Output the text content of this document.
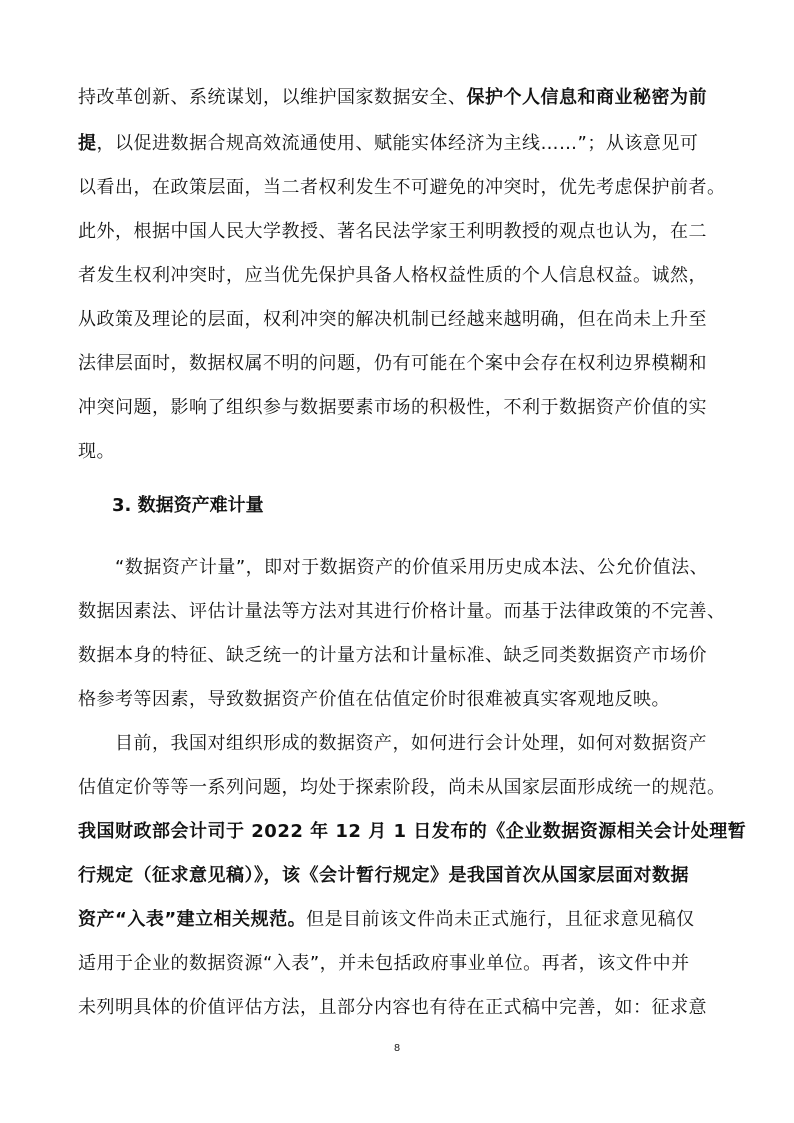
持改革创新、系统谋划，以维护国家数据安全、保护个人信息和商业秘密为前
提，以促进数据合规高效流通使用、赋能实体经济为主线……”；从该意见可
以看出，在政策层面，当二者权利发生不可避免的冲突时，优先考虑保护前者。
此外，根据中国人民大学教授、著名民法学家王利明教授的观点也认为，在二
者发生权利冲突时，应当优先保护具备人格权益性质的个人信息权益。诚然，
从政策及理论的层面，权利冲突的解决机制已经越来越明确，但在尚未上升至
法律层面时，数据权属不明的问题，仍有可能在个案中会存在权利边界模糊和
冲突问题，影响了组织参与数据要素市场的积极性，不利于数据资产价值的实
现。
3. 数据资产难计量
　　“数据资产计量”，即对于数据资产的价值采用历史成本法、公允价值法、
数据因素法、评估计量法等方法对其进行价格计量。而基于法律政策的不完善、
数据本身的特征、缺乏统一的计量方法和计量标准、缺乏同类数据资产市场价
格参考等因素，导致数据资产价值在估值定价时很难被真实客观地反映。
　　目前，我国对组织形成的数据资产，如何进行会计处理，如何对数据资产
估值定价等等一系列问题，均处于探索阶段，尚未从国家层面形成统一的规范。
我国财政部会计司于 2022 年 12 月 1 日发布的《企业数据资源相关会计处理暂
行规定（征求意见稿）》，该《会计暂行规定》是我国首次从国家层面对数据
资产“入表”建立相关规范。但是目前该文件尚未正式施行，且征求意见稿仅
适用于企业的数据资源“入表”，并未包括政府事业单位。再者，该文件中并
未列明具体的价值评估方法，且部分内容也有待在正式稿中完善，如：征求意
8
